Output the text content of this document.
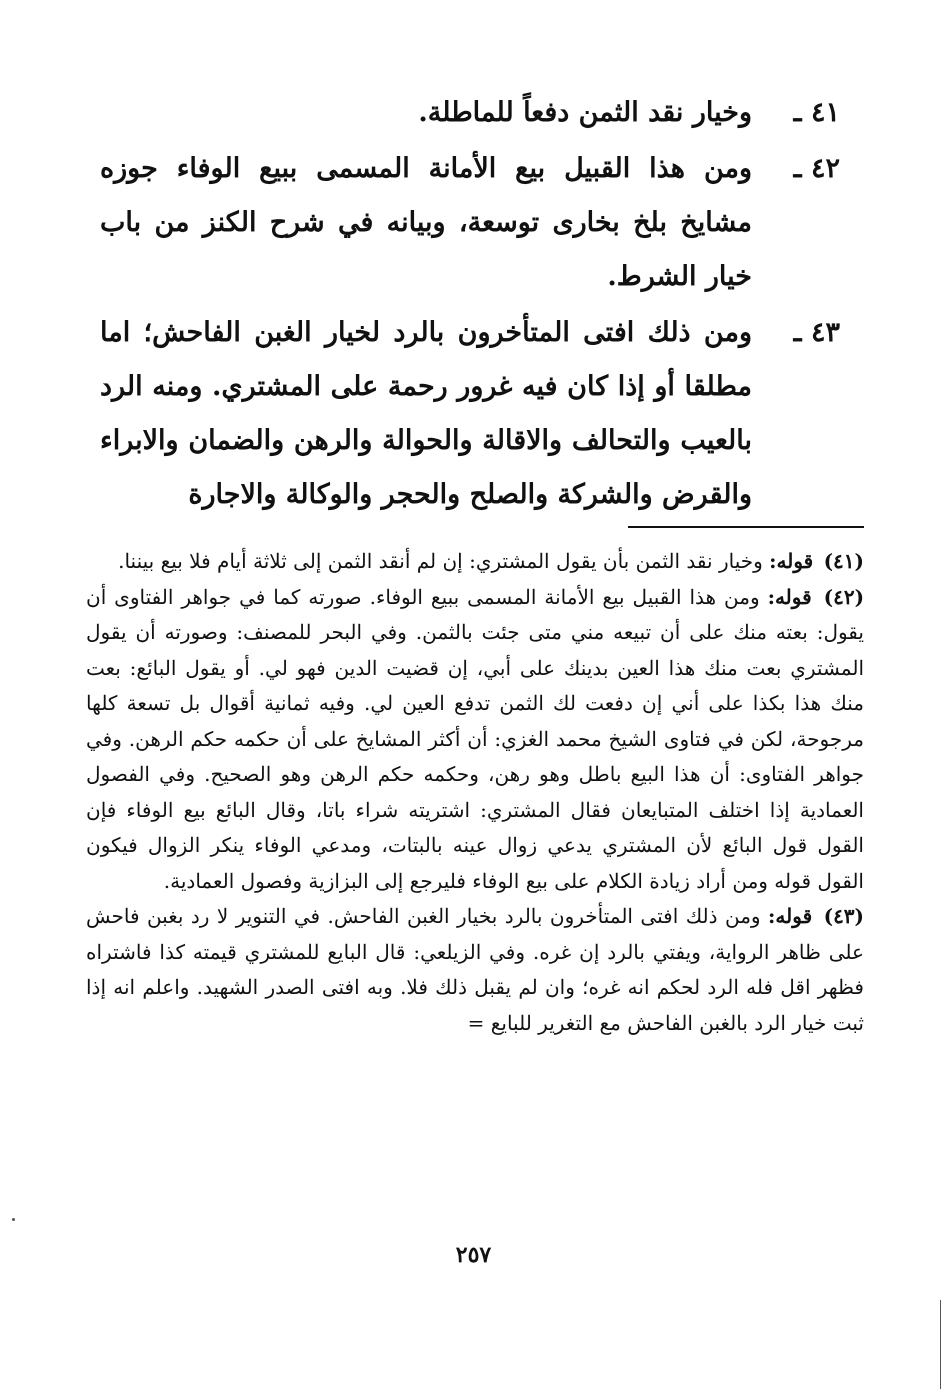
٤١ ـ
وخيار نقد الثمن دفعاً للماطلة.
٤٢ ـ
ومن هذا القبيل بيع الأمانة المسمى ببيع الوفاء جوزه مشايخ بلخ بخارى توسعة، وبيانه في شرح الكنز من باب خيار الشرط.
٤٣ ـ
ومن ذلك افتى المتأخرون بالرد لخيار الغبن الفاحش؛ اما مطلقا أو إذا كان فيه غرور رحمة على المشتري. ومنه الرد بالعيب والتحالف والاقالة والحوالة والرهن والضمان والابراء والقرض والشركة والصلح والحجر والوكالة والاجارة

(٤١) قوله: وخيار نقد الثمن بأن يقول المشتري: إن لم أنقد الثمن إلى ثلاثة أيام فلا بيع بيننا.

(٤٢) قوله: ومن هذا القبيل بيع الأمانة المسمى ببيع الوفاء. صورته كما في جواهر الفتاوى أن يقول: بعته منك على أن تبيعه مني متى جئت بالثمن. وفي البحر للمصنف: وصورته أن يقول المشتري بعت منك هذا العين بدينك على أبي، إن قضيت الدين فهو لي. أو يقول البائع: بعت منك هذا بكذا على أني إن دفعت لك الثمن تدفع العين لي. وفيه ثمانية أقوال بل تسعة كلها مرجوحة، لكن في فتاوى الشيخ محمد الغزي: أن أكثر المشايخ على أن حكمه حكم الرهن. وفي جواهر الفتاوى: أن هذا البيع باطل وهو رهن، وحكمه حكم الرهن وهو الصحيح. وفي الفصول العمادية إذا اختلف المتبايعان فقال المشتري: اشتريته شراء باتا، وقال البائع بيع الوفاء فإن القول قول البائع لأن المشتري يدعي زوال عينه بالبتات، ومدعي الوفاء ينكر الزوال فيكون القول قوله ومن أراد زيادة الكلام على بيع الوفاء فليرجع إلى البزازية وفصول العمادية.

(٤٣) قوله: ومن ذلك افتى المتأخرون بالرد بخيار الغبن الفاحش. في التنوير لا رد بغبن فاحش على ظاهر الرواية، ويفتي بالرد إن غره. وفي الزيلعي: قال البايع للمشتري قيمته كذا فاشتراه فظهر اقل فله الرد لحكم انه غره؛ وان لم يقبل ذلك فلا. وبه افتى الصدر الشهيد. واعلم انه إذا ثبت خيار الرد بالغبن الفاحش مع التغرير للبايع =

٢٥٧
